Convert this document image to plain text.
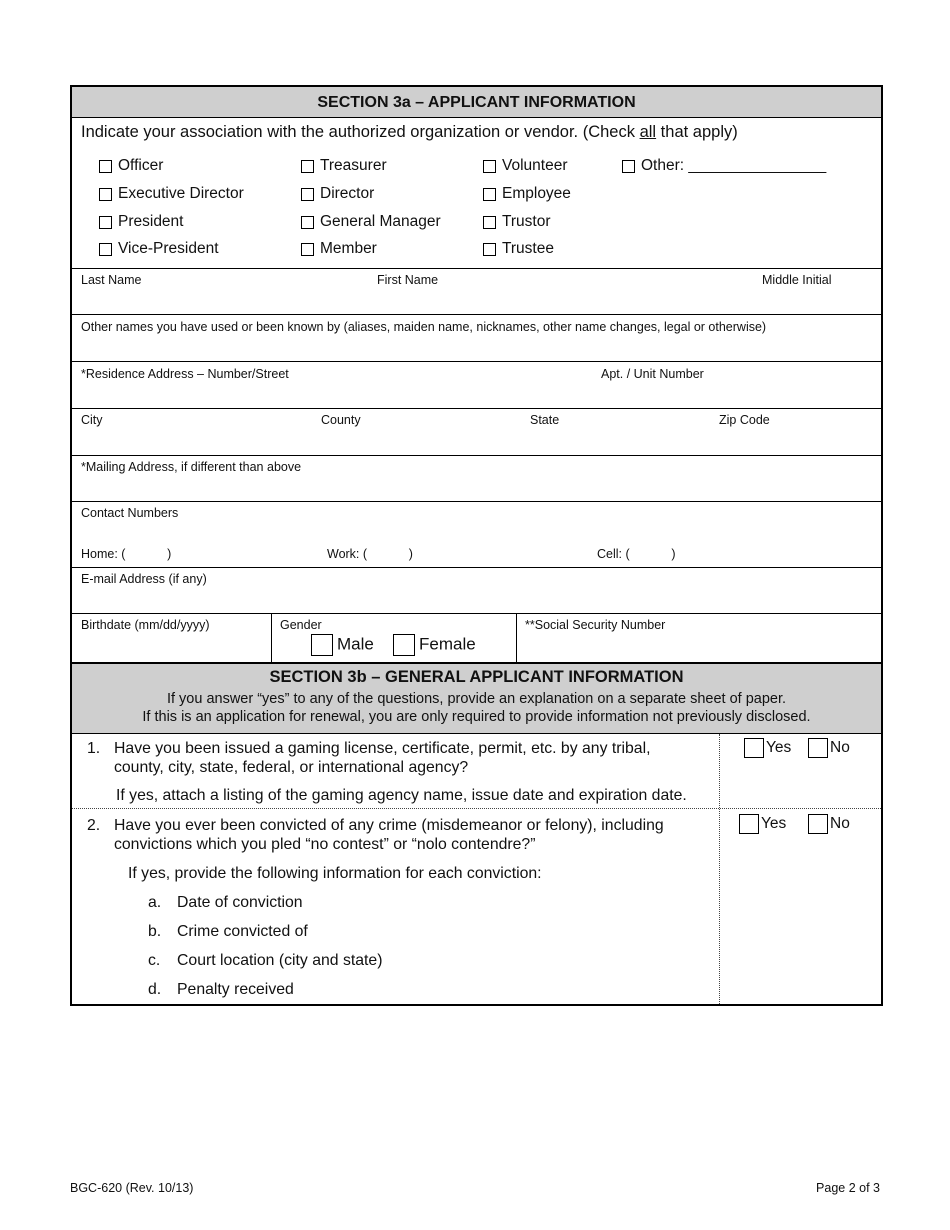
SECTION 3a – APPLICANT INFORMATION
Indicate your association with the authorized organization or vendor. (Check all that apply)
Officer
Executive Director
President
Vice-President
Treasurer
Director
General Manager
Member
Volunteer
Employee
Trustor
Trustee
Other: ________________
Last Name	First Name	Middle Initial
Other names you have used or been known by (aliases, maiden name, nicknames, other name changes, legal or otherwise)
*Residence Address – Number/Street	Apt. / Unit Number
City	County	State	Zip Code
*Mailing Address, if different than above
Contact Numbers
Home: (            )	Work: (            )	Cell: (            )
E-mail Address (if any)
Birthdate (mm/dd/yyyy)	Gender
Male	Female
**Social Security Number
SECTION 3b – GENERAL APPLICANT INFORMATION
If you answer “yes” to any of the questions, provide an explanation on a separate sheet of paper.
If this is an application for renewal, you are only required to provide information not previously disclosed.
1. Have you been issued a gaming license, certificate, permit, etc. by any tribal,
county, city, state, federal, or international agency?
If yes, attach a listing of the gaming agency name, issue date and expiration date.
Yes No
2. Have you ever been convicted of any crime (misdemeanor or felony), including
convictions which you pled “no contest” or “nolo contendre?”
If yes, provide the following information for each conviction:
Yes	No
a. Date of conviction
b. Crime convicted of
c. Court location (city and state)
d. Penalty received
BGC-620 (Rev. 10/13)	Page 2 of 3
